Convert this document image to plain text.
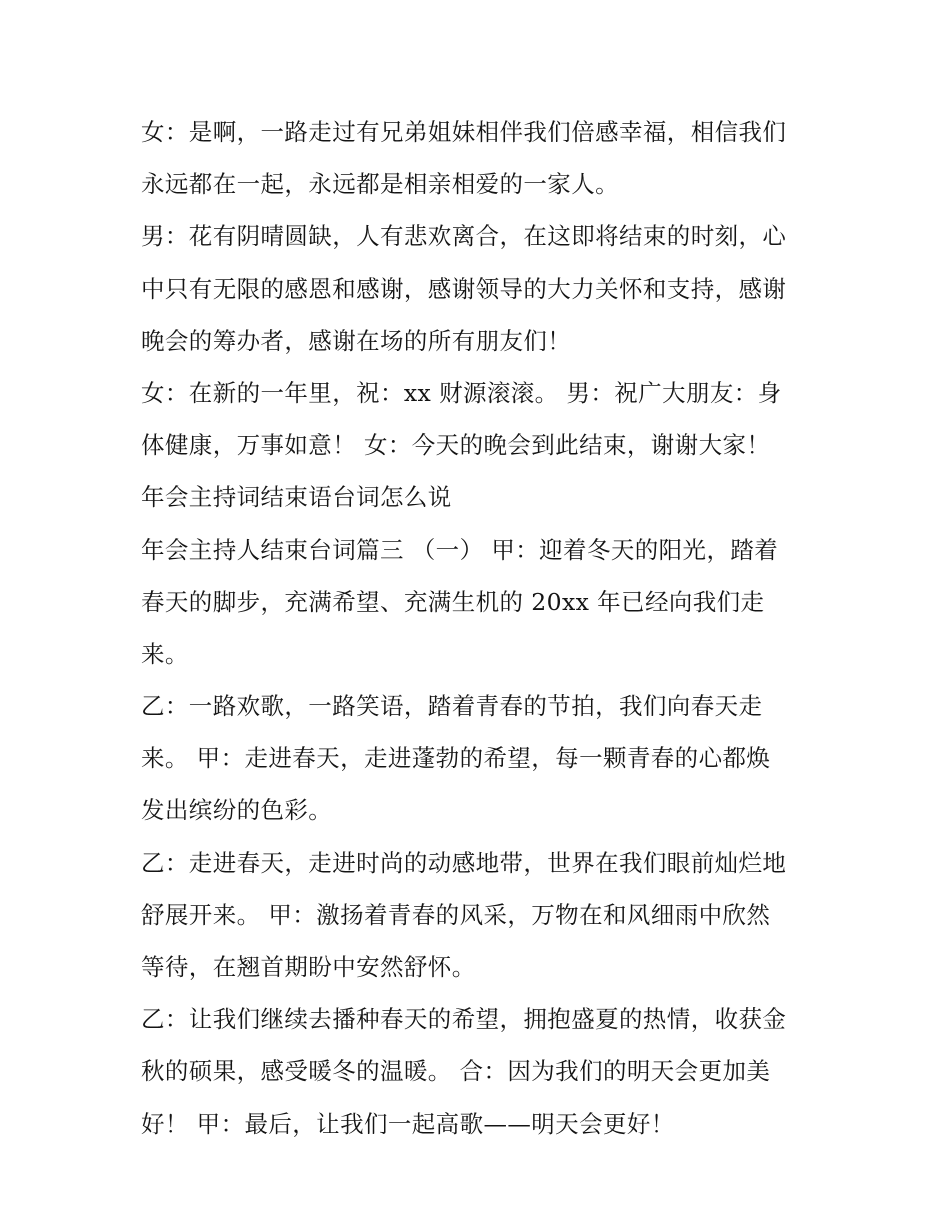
女：是啊，一路走过有兄弟姐妹相伴我们倍感幸福，相信我们
永远都在一起，永远都是相亲相爱的一家人。
男：花有阴晴圆缺，人有悲欢离合，在这即将结束的时刻，心
中只有无限的感恩和感谢，感谢领导的大力关怀和支持，感谢
晚会的筹办者，感谢在场的所有朋友们！
女：在新的一年里，祝：xx 财源滚滚。 男：祝广大朋友：身
体健康，万事如意！ 女：今天的晚会到此结束，谢谢大家！
年会主持词结束语台词怎么说
年会主持人结束台词篇三 （一） 甲：迎着冬天的阳光，踏着
春天的脚步，充满希望、充满生机的 20xx 年已经向我们走
来。
乙：一路欢歌，一路笑语，踏着青春的节拍，我们向春天走
来。 甲：走进春天，走进蓬勃的希望，每一颗青春的心都焕
发出缤纷的色彩。
乙：走进春天，走进时尚的动感地带，世界在我们眼前灿烂地
舒展开来。 甲：激扬着青春的风采，万物在和风细雨中欣然
等待，在翘首期盼中安然舒怀。
乙：让我们继续去播种春天的希望，拥抱盛夏的热情，收获金
秋的硕果，感受暖冬的温暖。 合：因为我们的明天会更加美
好！ 甲：最后，让我们一起高歌——明天会更好！
